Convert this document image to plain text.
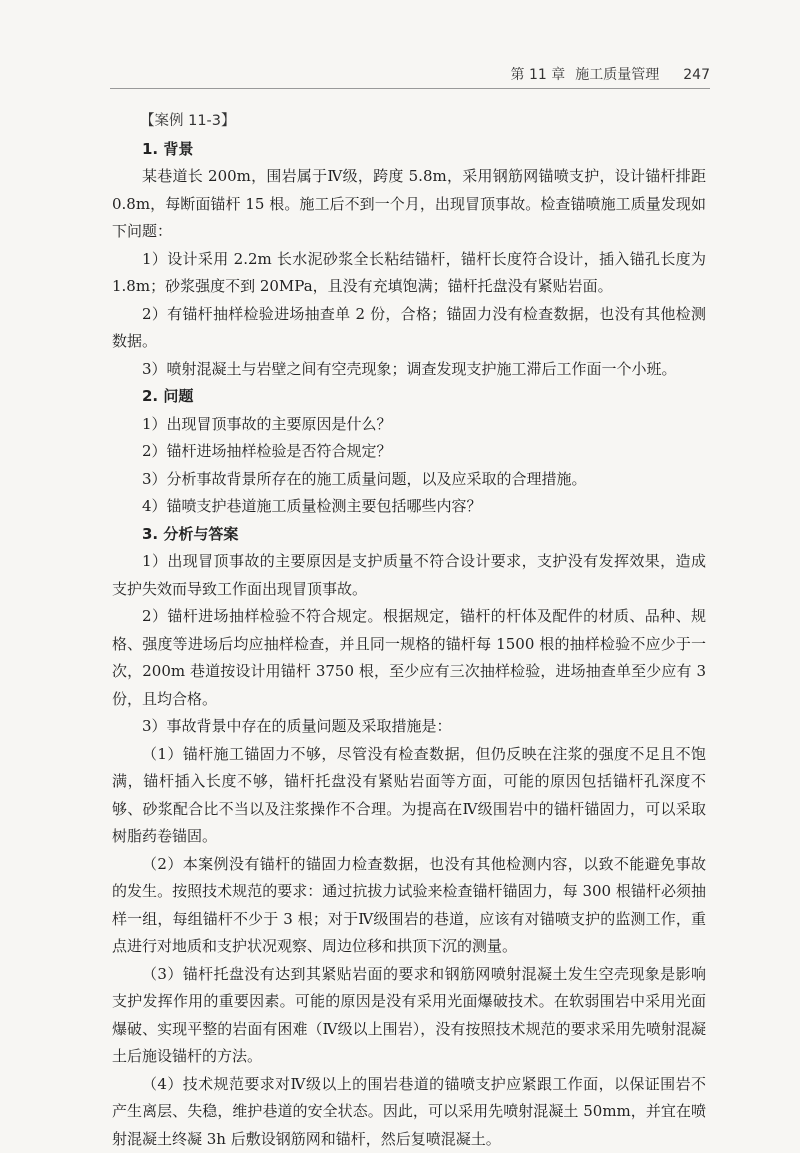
第 11 章 施工质量管理 247
【案例 11-3】
1. 背景

某巷道长 200m，围岩属于Ⅳ级，跨度 5.8m，采用钢筋网锚喷支护，设计锚杆排距 0.8m，每断面锚杆 15 根。施工后不到一个月，出现冒顶事故。检查锚喷施工质量发现如下问题：

1）设计采用 2.2m 长水泥砂浆全长粘结锚杆，锚杆长度符合设计，插入锚孔长度为 1.8m；砂浆强度不到 20MPa，且没有充填饱满；锚杆托盘没有紧贴岩面。

2）有锚杆抽样检验进场抽查单 2 份，合格；锚固力没有检查数据，也没有其他检测数据。

3）喷射混凝土与岩壁之间有空壳现象；调查发现支护施工滞后工作面一个小班。

2. 问题

1）出现冒顶事故的主要原因是什么？

2）锚杆进场抽样检验是否符合规定？

3）分析事故背景所存在的施工质量问题，以及应采取的合理措施。

4）锚喷支护巷道施工质量检测主要包括哪些内容？

3. 分析与答案

1）出现冒顶事故的主要原因是支护质量不符合设计要求，支护没有发挥效果，造成支护失效而导致工作面出现冒顶事故。

2）锚杆进场抽样检验不符合规定。根据规定，锚杆的杆体及配件的材质、品种、规格、强度等进场后均应抽样检查，并且同一规格的锚杆每 1500 根的抽样检验不应少于一次，200m 巷道按设计用锚杆 3750 根，至少应有三次抽样检验，进场抽查单至少应有 3 份，且均合格。

3）事故背景中存在的质量问题及采取措施是：

（1）锚杆施工锚固力不够，尽管没有检查数据，但仍反映在注浆的强度不足且不饱满，锚杆插入长度不够，锚杆托盘没有紧贴岩面等方面，可能的原因包括锚杆孔深度不够、砂浆配合比不当以及注浆操作不合理。为提高在Ⅳ级围岩中的锚杆锚固力，可以采取树脂药卷锚固。

（2）本案例没有锚杆的锚固力检查数据，也没有其他检测内容，以致不能避免事故的发生。按照技术规范的要求：通过抗拔力试验来检查锚杆锚固力，每 300 根锚杆必须抽样一组，每组锚杆不少于 3 根；对于Ⅳ级围岩的巷道，应该有对锚喷支护的监测工作，重点进行对地质和支护状况观察、周边位移和拱顶下沉的测量。

（3）锚杆托盘没有达到其紧贴岩面的要求和钢筋网喷射混凝土发生空壳现象是影响支护发挥作用的重要因素。可能的原因是没有采用光面爆破技术。在软弱围岩中采用光面爆破、实现平整的岩面有困难（Ⅳ级以上围岩），没有按照技术规范的要求采用先喷射混凝土后施设锚杆的方法。

（4）技术规范要求对Ⅳ级以上的围岩巷道的锚喷支护应紧跟工作面，以保证围岩不产生离层、失稳，维护巷道的安全状态。因此，可以采用先喷射混凝土 50mm，并宜在喷射混凝土终凝 3h 后敷设钢筋网和锚杆，然后复喷混凝土。
